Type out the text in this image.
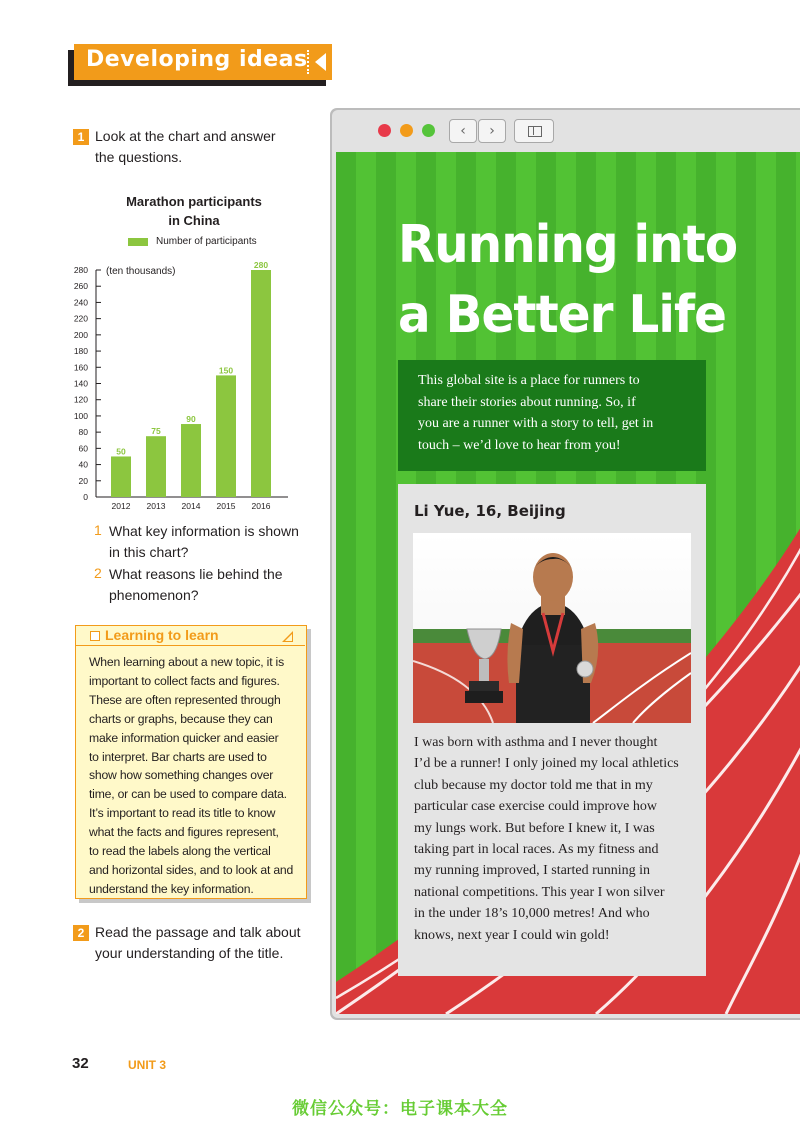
Developing ideas
1 Look at the chart and answer
the questions.
Marathon participants
in China
Number of participants
0
20
40
60
80
100
120
140
160
180
200
220
240
260
280 (ten thousands)
50
2012
75
2013
90
2014
150
2015
280
2016
1 What key information is shown
in this chart?
2 What reasons lie behind the
phenomenon?
Learning to learn
When learning about a new topic, it is
important to collect facts and figures.
These are often represented through
charts or graphs, because they can
make information quicker and easier
to interpret. Bar charts are used to
show how something changes over
time, or can be used to compare data.
It’s important to read its title to know
what the facts and figures represent,
to read the labels along the vertical
and horizontal sides, and to look at and
understand the key information.
2 Read the passage and talk about
your understanding of the title.
32	UNIT 3
微信公众号：电子课本大全
‹	›
Running into
a Better Life
This global site is a place for runners to
share their stories about running. So, if
you are a runner with a story to tell, get in
touch – we’d love to hear from you!
Li Yue, 16, Beijing
I was born with asthma and I never thought
I’d be a runner! I only joined my local athletics
club because my doctor told me that in my
particular case exercise could improve how
my lungs work. But before I knew it, I was
taking part in local races. As my fitness and
my running improved, I started running in
national competitions. This year I won silver
in the under 18’s 10,000 metres! And who
knows, next year I could win gold!
